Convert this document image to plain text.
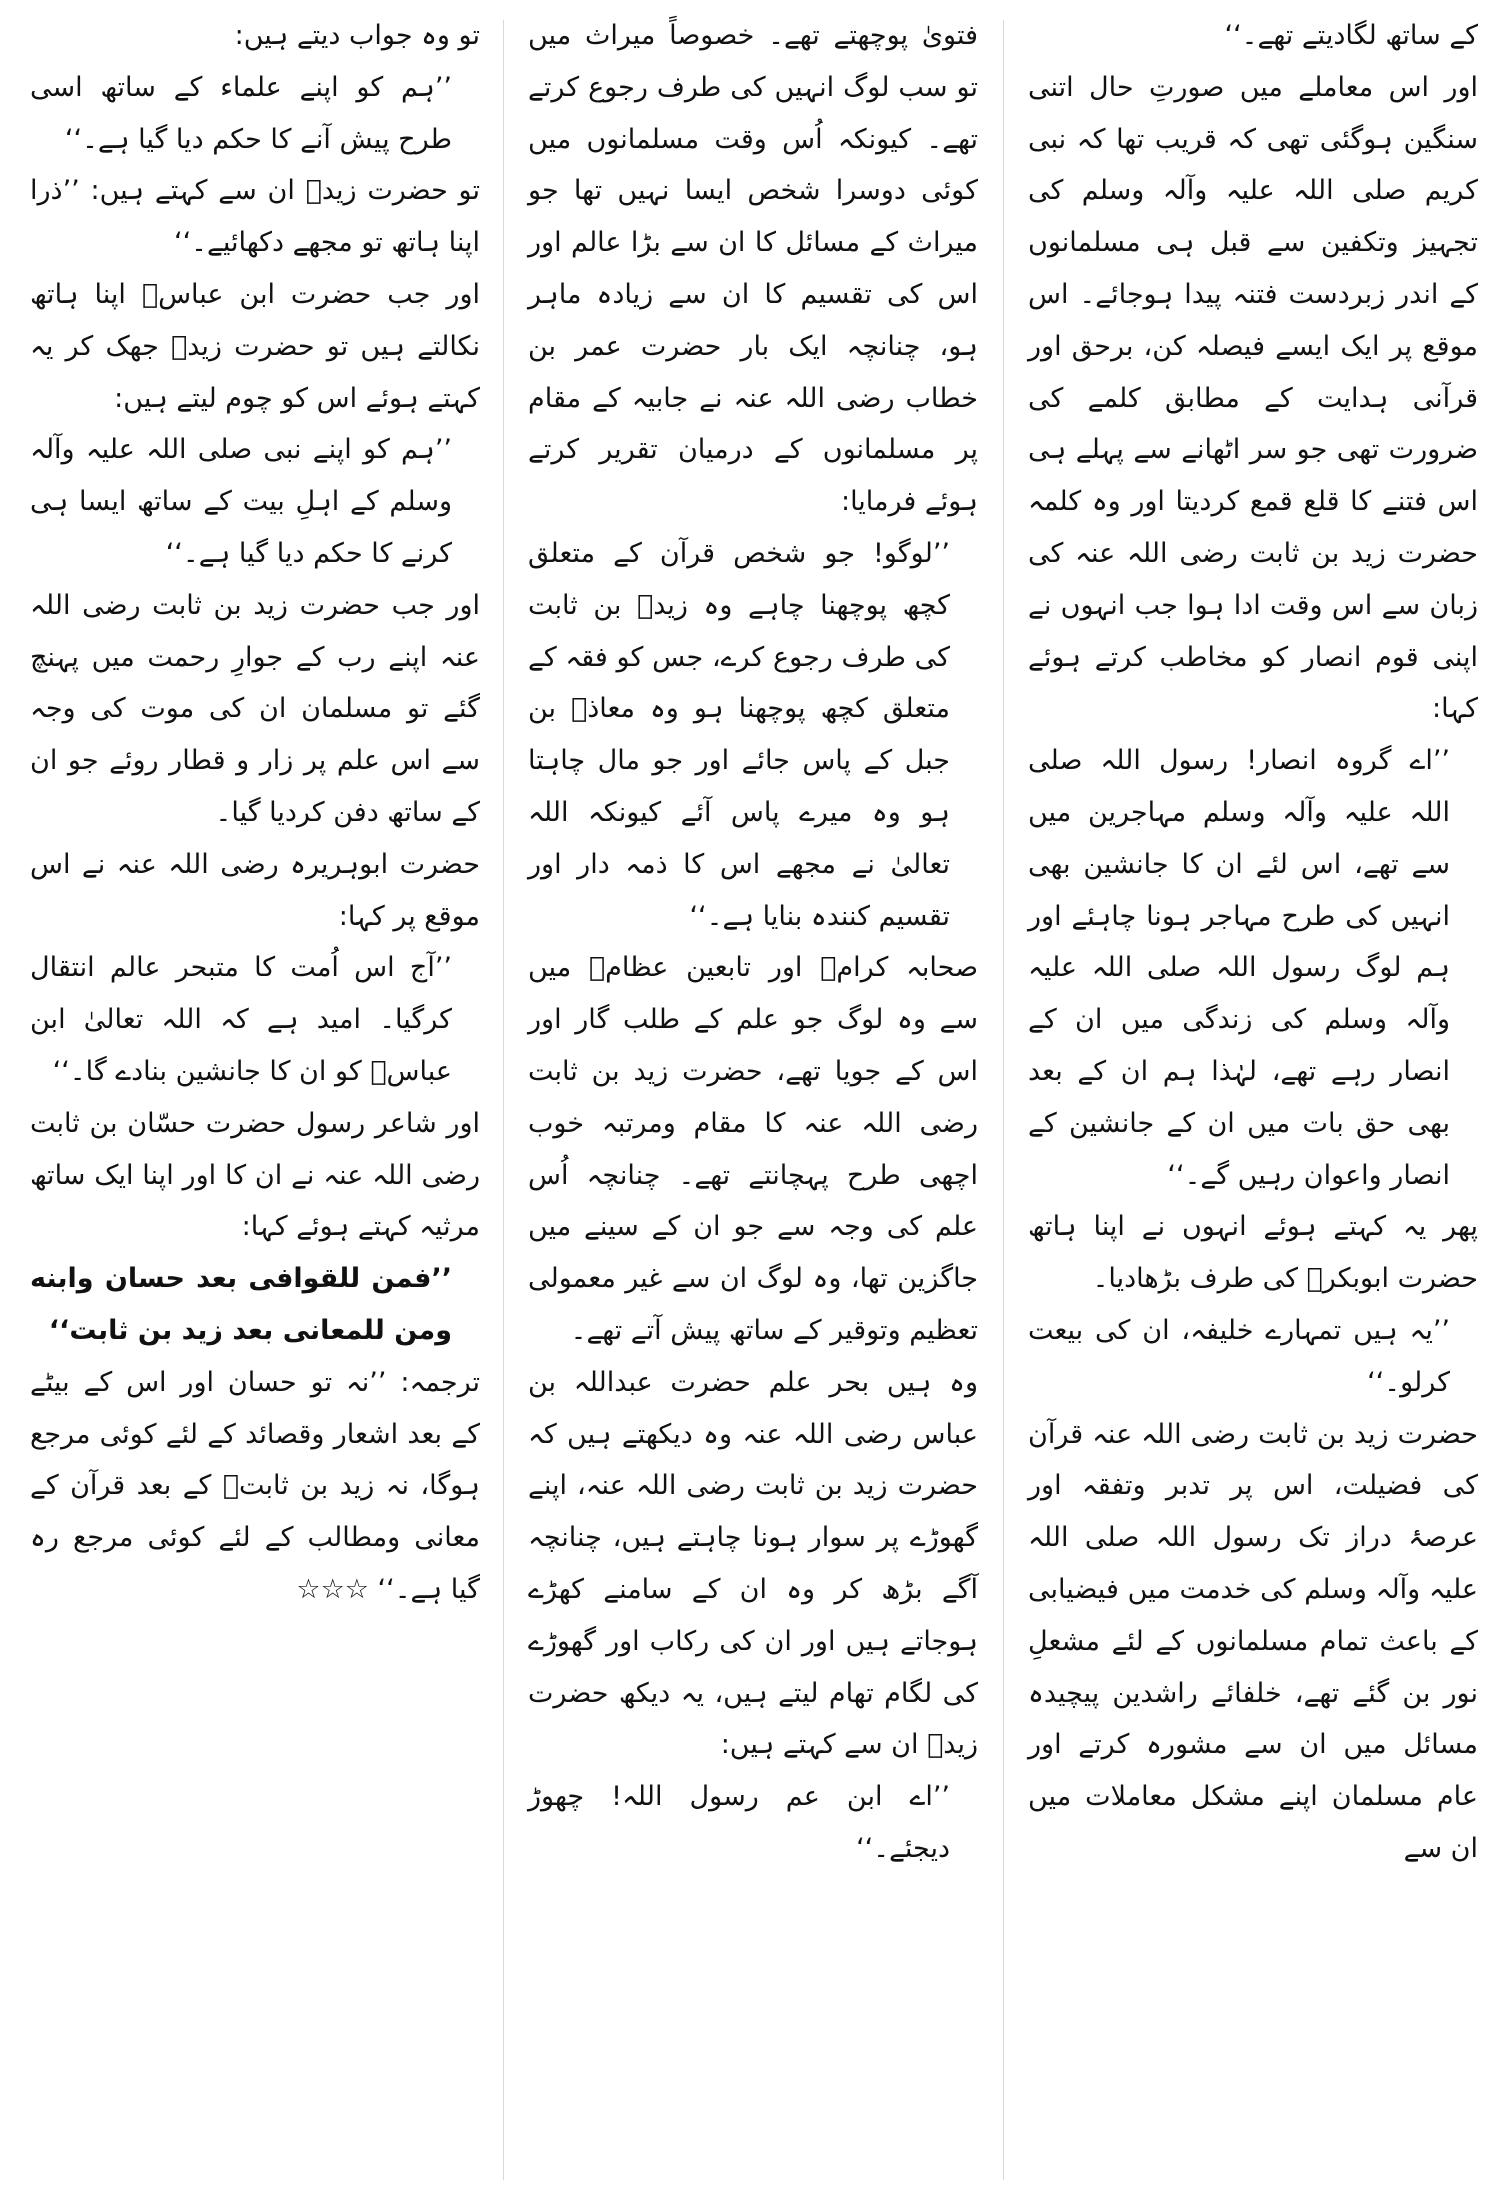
کے ساتھ لگادیتے تھے۔‘‘

اور اس معاملے میں صورتِ حال اتنی سنگین ہوگئی تھی کہ قریب تھا کہ نبی کریم صلی اللہ علیہ وآلہ وسلم کی تجہیز وتکفین سے قبل ہی مسلمانوں کے اندر زبردست فتنہ پیدا ہوجائے۔ اس موقع پر ایک ایسے فیصلہ کن، برحق اور قرآنی ہدایت کے مطابق کلمے کی ضرورت تھی جو سر اٹھانے سے پہلے ہی اس فتنے کا قلع قمع کردیتا اور وہ کلمہ حضرت زید بن ثابت رضی اللہ عنہ کی زبان سے اس وقت ادا ہوا جب انہوں نے اپنی قوم انصار کو مخاطب کرتے ہوئے کہا:

’’اے گروہ انصار! رسول اللہ صلی اللہ علیہ وآلہ وسلم مہاجرین میں سے تھے، اس لئے ان کا جانشین بھی انہیں کی طرح مہاجر ہونا چاہئے اور ہم لوگ رسول اللہ صلی اللہ علیہ وآلہ وسلم کی زندگی میں ان کے انصار رہے تھے، لہٰذا ہم ان کے بعد بھی حق بات میں ان کے جانشین کے انصار واعوان رہیں گے۔‘‘

پھر یہ کہتے ہوئے انہوں نے اپنا ہاتھ حضرت ابوبکرؓ کی طرف بڑھادیا۔

’’یہ ہیں تمہارے خلیفہ، ان کی بیعت کرلو۔‘‘

حضرت زید بن ثابت رضی اللہ عنہ قرآن کی فضیلت، اس پر تدبر وتفقہ اور عرصۂ دراز تک رسول اللہ صلی اللہ علیہ وآلہ وسلم کی خدمت میں فیضیابی کے باعث تمام مسلمانوں کے لئے مشعلِ نور بن گئے تھے، خلفائے راشدین پیچیدہ مسائل میں ان سے مشورہ کرتے اور عام مسلمان اپنے مشکل معاملات میں ان سے

فتویٰ پوچھتے تھے۔ خصوصاً میراث میں تو سب لوگ انہیں کی طرف رجوع کرتے تھے۔ کیونکہ اُس وقت مسلمانوں میں کوئی دوسرا شخص ایسا نہیں تھا جو میراث کے مسائل کا ان سے بڑا عالم اور اس کی تقسیم کا ان سے زیادہ ماہر ہو، چنانچہ ایک بار حضرت عمر بن خطاب رضی اللہ عنہ نے جابیہ کے مقام پر مسلمانوں کے درمیان تقریر کرتے ہوئے فرمایا:

’’لوگو! جو شخص قرآن کے متعلق کچھ پوچھنا چاہے وہ زیدؓ بن ثابت کی طرف رجوع کرے، جس کو فقہ کے متعلق کچھ پوچھنا ہو وہ معاذؓ بن جبل کے پاس جائے اور جو مال چاہتا ہو وہ میرے پاس آئے کیونکہ اللہ تعالیٰ نے مجھے اس کا ذمہ دار اور تقسیم کنندہ بنایا ہے۔‘‘

صحابہ کرامؓ اور تابعین عظامؒ میں سے وہ لوگ جو علم کے طلب گار اور اس کے جویا تھے، حضرت زید بن ثابت رضی اللہ عنہ کا مقام ومرتبہ خوب اچھی طرح پہچانتے تھے۔ چنانچہ اُس علم کی وجہ سے جو ان کے سینے میں جاگزین تھا، وہ لوگ ان سے غیر معمولی تعظیم وتوقیر کے ساتھ پیش آتے تھے۔

وہ ہیں بحر علم حضرت عبداللہ بن عباس رضی اللہ عنہ وہ دیکھتے ہیں کہ حضرت زید بن ثابت رضی اللہ عنہ، اپنے گھوڑے پر سوار ہونا چاہتے ہیں، چنانچہ آگے بڑھ کر وہ ان کے سامنے کھڑے ہوجاتے ہیں اور ان کی رکاب اور گھوڑے کی لگام تھام لیتے ہیں، یہ دیکھ حضرت زیدؓ ان سے کہتے ہیں:

’’اے ابن عم رسول اللہ! چھوڑ دیجئے۔‘‘

تو وہ جواب دیتے ہیں:

’’ہم کو اپنے علماء کے ساتھ اسی طرح پیش آنے کا حکم دیا گیا ہے۔‘‘

تو حضرت زیدؓ ان سے کہتے ہیں: ’’ذرا اپنا ہاتھ تو مجھے دکھائیے۔‘‘

اور جب حضرت ابن عباسؓ اپنا ہاتھ نکالتے ہیں تو حضرت زیدؓ جھک کر یہ کہتے ہوئے اس کو چوم لیتے ہیں:

’’ہم کو اپنے نبی صلی اللہ علیہ وآلہ وسلم کے اہلِ بیت کے ساتھ ایسا ہی کرنے کا حکم دیا گیا ہے۔‘‘

اور جب حضرت زید بن ثابت رضی اللہ عنہ اپنے رب کے جوارِ رحمت میں پہنچ گئے تو مسلمان ان کی موت کی وجہ سے اس علم پر زار و قطار روئے جو ان کے ساتھ دفن کردیا گیا۔

حضرت ابوہریرہ رضی اللہ عنہ نے اس موقع پر کہا:

’’آج اس اُمت کا متبحر عالم انتقال کرگیا۔ امید ہے کہ اللہ تعالیٰ ابن عباسؓ کو ان کا جانشین بنادے گا۔‘‘

اور شاعر رسول حضرت حسّان بن ثابت رضی اللہ عنہ نے ان کا اور اپنا ایک ساتھ مرثیہ کہتے ہوئے کہا:

’’فمن للقوافی بعد حسان وابنه ومن للمعانی بعد زید بن ثابت‘‘

ترجمہ: ’’نہ تو حسان اور اس کے بیٹے کے بعد اشعار وقصائد کے لئے کوئی مرجع ہوگا، نہ زید بن ثابتؓ کے بعد قرآن کے معانی ومطالب کے لئے کوئی مرجع رہ گیا ہے۔‘‘ ☆☆☆
